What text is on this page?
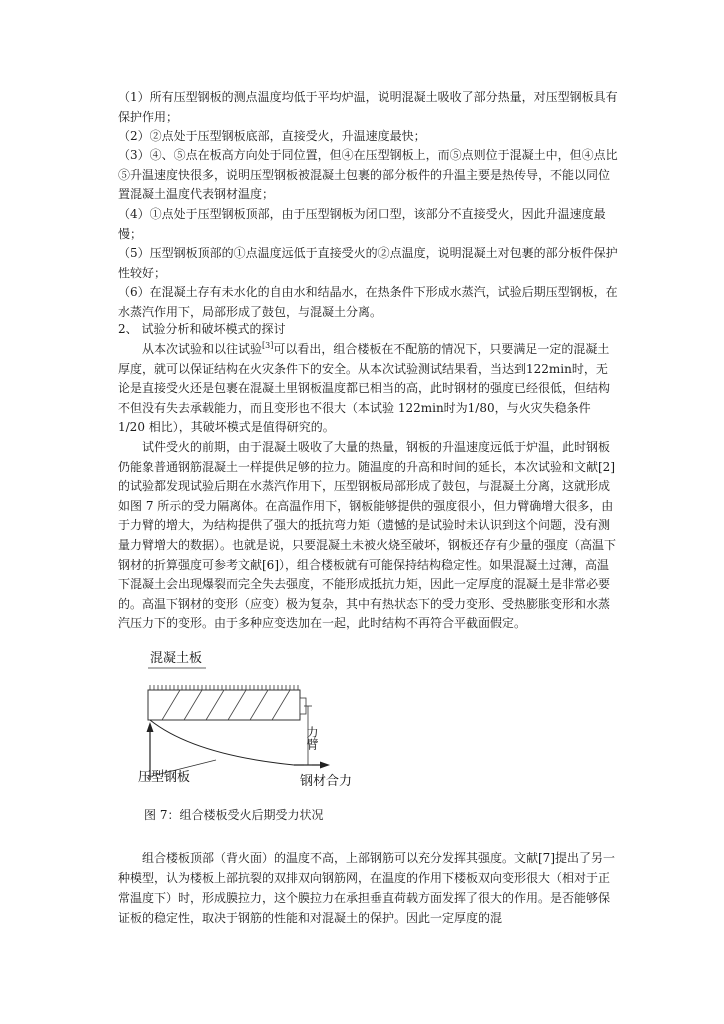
（1）所有压型钢板的测点温度均低于平均炉温，说明混凝土吸收了部分热量，对压型钢板具有保护作用；

（2）②点处于压型钢板底部，直接受火，升温速度最快；

（3）④、⑤点在板高方向处于同位置，但④在压型钢板上，而⑤点则位于混凝土中，但④点比⑤升温速度快很多，说明压型钢板被混凝土包裹的部分板件的升温主要是热传导，不能以同位置混凝土温度代表钢材温度；

（4）①点处于压型钢板顶部，由于压型钢板为闭口型，该部分不直接受火，因此升温速度最慢；

（5）压型钢板顶部的①点温度远低于直接受火的②点温度，说明混凝土对包裹的部分板件保护性较好；

（6）在混凝土存有未水化的自由水和结晶水，在热条件下形成水蒸汽，试验后期压型钢板，在水蒸汽作用下，局部形成了鼓包，与混凝土分离。

2、 试验分析和破坏模式的探讨

从本次试验和以往试验[3]可以看出，组合楼板在不配筋的情况下，只要满足一定的混凝土厚度，就可以保证结构在火灾条件下的安全。从本次试验测试结果看，当达到122min时，无论是直接受火还是包裹在混凝土里钢板温度都已相当的高，此时钢材的强度已经很低，但结构不但没有失去承载能力，而且变形也不很大（本试验 122min时为1/80，与火灾失稳条件 1/20 相比），其破坏模式是值得研究的。

试件受火的前期，由于混凝土吸收了大量的热量，钢板的升温速度远低于炉温，此时钢板仍能象普通钢筋混凝土一样提供足够的拉力。随温度的升高和时间的延长，本次试验和文献[2]的试验都发现试验后期在水蒸汽作用下，压型钢板局部形成了鼓包，与混凝土分离，这就形成如图 7 所示的受力隔离体。在高温作用下，钢板能够提供的强度很小，但力臂确增大很多，由于力臂的增大，为结构提供了强大的抵抗弯力矩（遗憾的是试验时未认识到这个问题，没有测量力臂增大的数据）。也就是说，只要混凝土未被火烧至破坏，钢板还存有少量的强度（高温下钢材的折算强度可参考文献[6]），组合楼板就有可能保持结构稳定性。如果混凝土过薄，高温下混凝土会出现爆裂而完全失去强度，不能形成抵抗力矩，因此一定厚度的混凝土是非常必要的。高温下钢材的变形（应变）极为复杂，其中有热状态下的受力变形、受热膨胀变形和水蒸汽压力下的变形。由于多种应变迭加在一起，此时结构不再符合平截面假定。

混凝土板
力臂
压型钢板	钢材合力
图 7：组合楼板受火后期受力状况

组合楼板顶部（背火面）的温度不高，上部钢筋可以充分发挥其强度。文献[7]提出了另一种模型，认为楼板上部抗裂的双排双向钢筋网，在温度的作用下楼板双向变形很大（相对于正常温度下）时，形成膜拉力，这个膜拉力在承担垂直荷载方面发挥了很大的作用。是否能够保证板的稳定性，取决于钢筋的性能和对混凝土的保护。因此一定厚度的混
